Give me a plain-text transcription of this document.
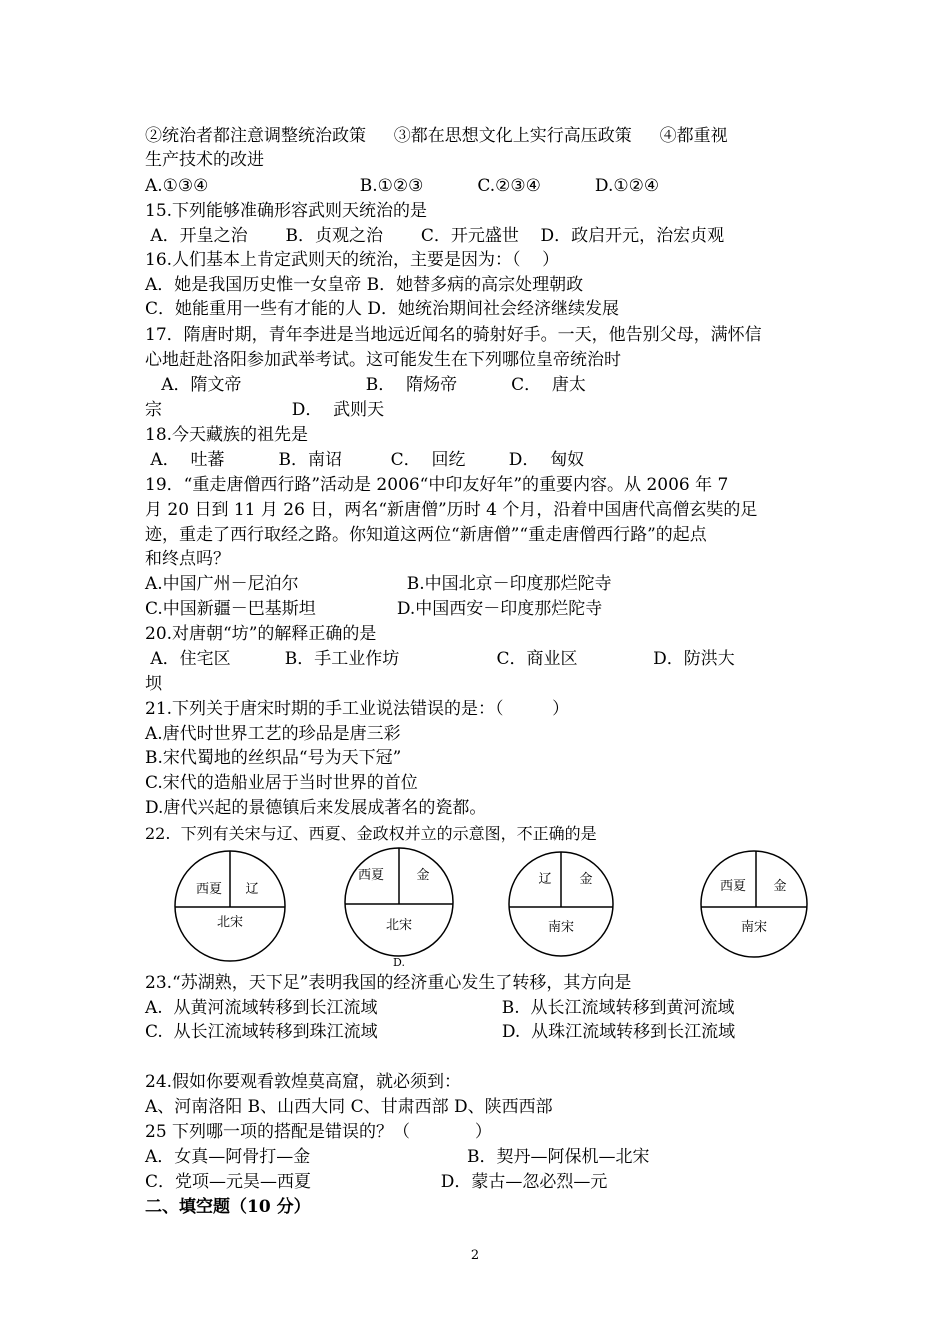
②统治者都注意调整统治政策　  ③都在思想文化上实行高压政策　  ④都重视
生产技术的改进
A.①③④                            B.①②③          C.②③④          D.①②④
15.下列能够准确形容武则天统治的是
A．开皇之治       B．贞观之治       C．开元盛世    D．政启开元，治宏贞观
16.人们基本上肯定武则天的统治，主要是因为：（    ）
A．她是我国历史惟一女皇帝 B．她替多病的高宗处理朝政
C．她能重用一些有才能的人 D．她统治期间社会经济继续发展
17．隋唐时期，青年李进是当地远近闻名的骑射好手。一天，他告别父母，满怀信
心地赶赴洛阳参加武举考试。这可能发生在下列哪位皇帝统治时
A．隋文帝                       B．  隋炀帝          C．  唐太
宗                        D．  武则天
18.今天藏族的祖先是
A．  吐蕃          B．南诏         C．  回纥        D．  匈奴
19．“重走唐僧西行路”活动是 2006“中印友好年”的重要内容。从 2006 年 7
月 20 日到 11 月 26 日，两名“新唐僧”历时 4 个月，沿着中国唐代高僧玄奘的足
迹，重走了西行取经之路。你知道这两位“新唐僧”“重走唐僧西行路”的起点
和终点吗？
A.中国广州－尼泊尔                    B.中国北京－印度那烂陀寺
C.中国新疆－巴基斯坦               D.中国西安－印度那烂陀寺
20.对唐朝“坊”的解释正确的是
A．住宅区          B．手工业作坊                  C．商业区              D．防洪大
坝
21.下列关于唐宋时期的手工业说法错误的是：（         ）
A.唐代时世界工艺的珍品是唐三彩
B.宋代蜀地的丝织品“号为天下冠”
C.宋代的造船业居于当时世界的首位
D.唐代兴起的景德镇后来发展成著名的瓷都。
22.  下列有关宋与辽、西夏、金政权并立的示意图，不正确的是
西夏 辽
北宋
西夏 金
北宋
D.
辽 金
南宋
西夏 金
南宋
23.“苏湖熟，天下足”表明我国的经济重心发生了转移，其方向是
A.  从黄河流域转移到长江流域                       B.  从长江流域转移到黄河流域
C.  从长江流域转移到珠江流域                       D.  从珠江流域转移到长江流域
24.假如你要观看敦煌莫高窟，就必须到：
A、河南洛阳 B、山西大同 C、甘肃西部 D、陕西西部
25 下列哪一项的搭配是错误的？（            ）
A．女真—阿骨打—金                             B．契丹—阿保机—北宋
C．党项—元昊—西夏                        D．蒙古—忽必烈—元
二、填空题（10 分）
2
